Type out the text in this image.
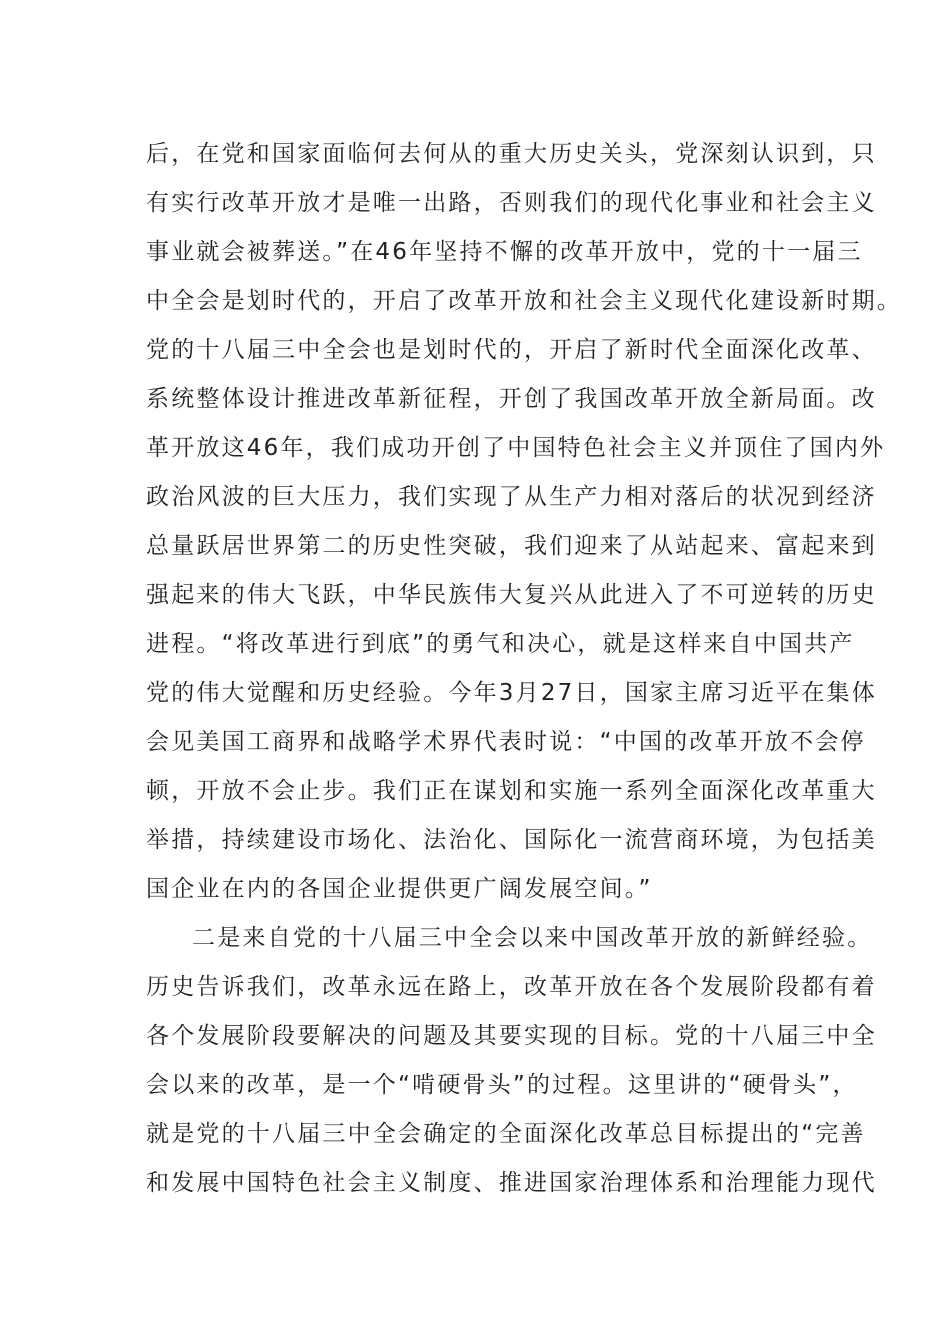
后，在党和国家面临何去何从的重大历史关头，党深刻认识到，只
有实行改革开放才是唯一出路，否则我们的现代化事业和社会主义
事业就会被葬送。”在46年坚持不懈的改革开放中，党的十一届三
中全会是划时代的，开启了改革开放和社会主义现代化建设新时期。
党的十八届三中全会也是划时代的，开启了新时代全面深化改革、
系统整体设计推进改革新征程，开创了我国改革开放全新局面。改
革开放这46年，我们成功开创了中国特色社会主义并顶住了国内外
政治风波的巨大压力，我们实现了从生产力相对落后的状况到经济
总量跃居世界第二的历史性突破，我们迎来了从站起来、富起来到
强起来的伟大飞跃，中华民族伟大复兴从此进入了不可逆转的历史
进程。“将改革进行到底”的勇气和决心，就是这样来自中国共产
党的伟大觉醒和历史经验。今年3月27日，国家主席习近平在集体
会见美国工商界和战略学术界代表时说：“中国的改革开放不会停
顿，开放不会止步。我们正在谋划和实施一系列全面深化改革重大
举措，持续建设市场化、法治化、国际化一流营商环境，为包括美
国企业在内的各国企业提供更广阔发展空间。”
二是来自党的十八届三中全会以来中国改革开放的新鲜经验。
历史告诉我们，改革永远在路上，改革开放在各个发展阶段都有着
各个发展阶段要解决的问题及其要实现的目标。党的十八届三中全
会以来的改革，是一个“啃硬骨头”的过程。这里讲的“硬骨头”，
就是党的十八届三中全会确定的全面深化改革总目标提出的“完善
和发展中国特色社会主义制度、推进国家治理体系和治理能力现代
